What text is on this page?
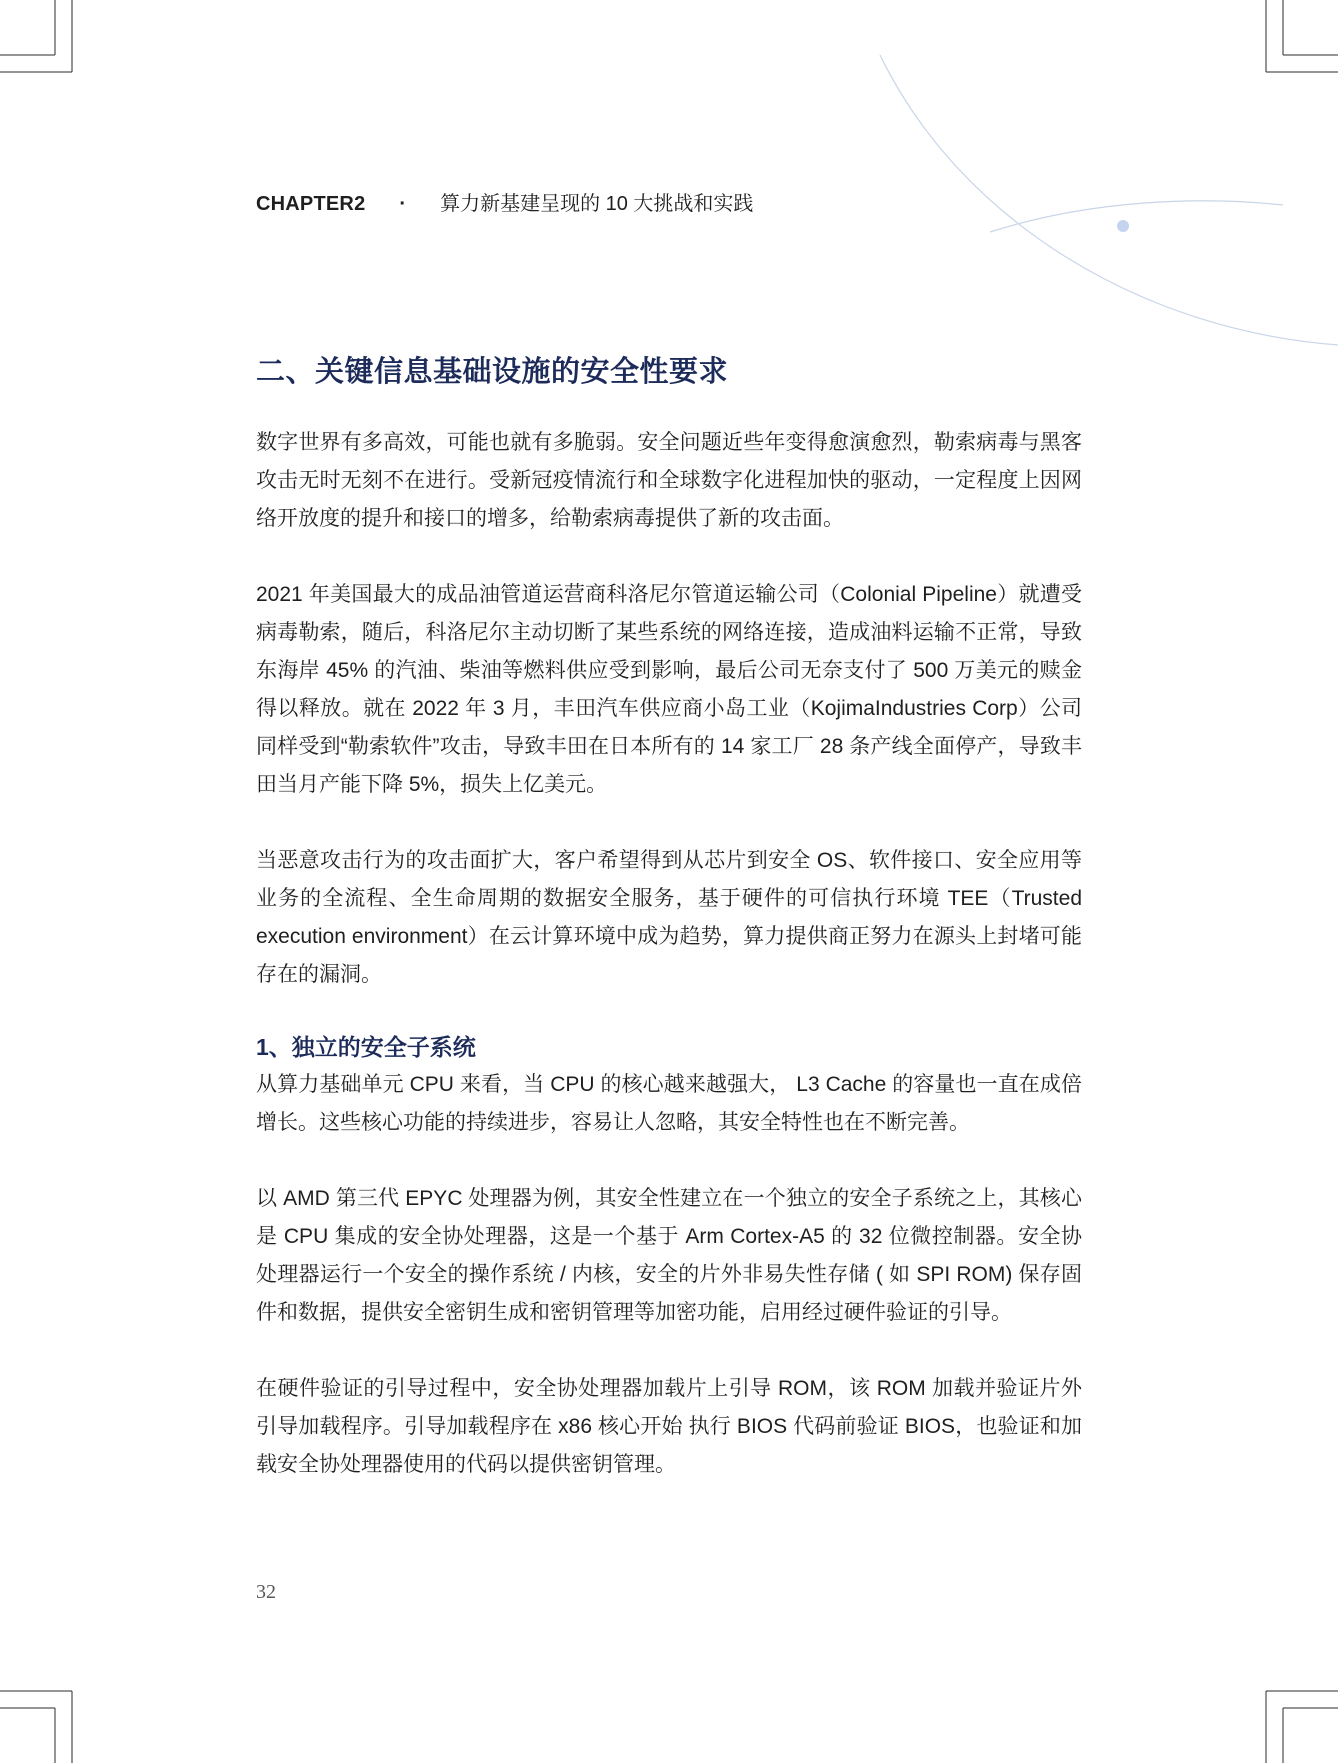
CHAPTER2 · 算力新基建呈现的 10 大挑战和实践
二、关键信息基础设施的安全性要求

数字世界有多高效，可能也就有多脆弱。安全问题近些年变得愈演愈烈，勒索病毒与黑客攻击无时无刻不在进行。受新冠疫情流行和全球数字化进程加快的驱动，一定程度上因网络开放度的提升和接口的增多，给勒索病毒提供了新的攻击面。

2021 年美国最大的成品油管道运营商科洛尼尔管道运输公司（Colonial Pipeline）就遭受病毒勒索，随后，科洛尼尔主动切断了某些系统的网络连接，造成油料运输不正常，导致东海岸 45% 的汽油、柴油等燃料供应受到影响，最后公司无奈支付了 500 万美元的赎金得以释放。就在 2022 年 3 月，丰田汽车供应商小岛工业（KojimaIndustries Corp）公司同样受到“勒索软件”攻击，导致丰田在日本所有的 14 家工厂 28 条产线全面停产，导致丰田当月产能下降 5%，损失上亿美元。

当恶意攻击行为的攻击面扩大，客户希望得到从芯片到安全 OS、软件接口、安全应用等业务的全流程、全生命周期的数据安全服务，基于硬件的可信执行环境 TEE（Trusted execution environment）在云计算环境中成为趋势，算力提供商正努力在源头上封堵可能存在的漏洞。

1、独立的安全子系统

从算力基础单元 CPU 来看，当 CPU 的核心越来越强大， L3 Cache 的容量也一直在成倍增长。这些核心功能的持续进步，容易让人忽略，其安全特性也在不断完善。

以 AMD 第三代 EPYC 处理器为例，其安全性建立在一个独立的安全子系统之上，其核心是 CPU 集成的安全协处理器，这是一个基于 Arm Cortex-A5 的 32 位微控制器。安全协处理器运行一个安全的操作系统 / 内核，安全的片外非易失性存储 ( 如 SPI ROM) 保存固件和数据，提供安全密钥生成和密钥管理等加密功能，启用经过硬件验证的引导。

在硬件验证的引导过程中，安全协处理器加载片上引导 ROM，该 ROM 加载并验证片外引导加载程序。引导加载程序在 x86 核心开始 执行 BIOS 代码前验证 BIOS，也验证和加载安全协处理器使用的代码以提供密钥管理。

32
